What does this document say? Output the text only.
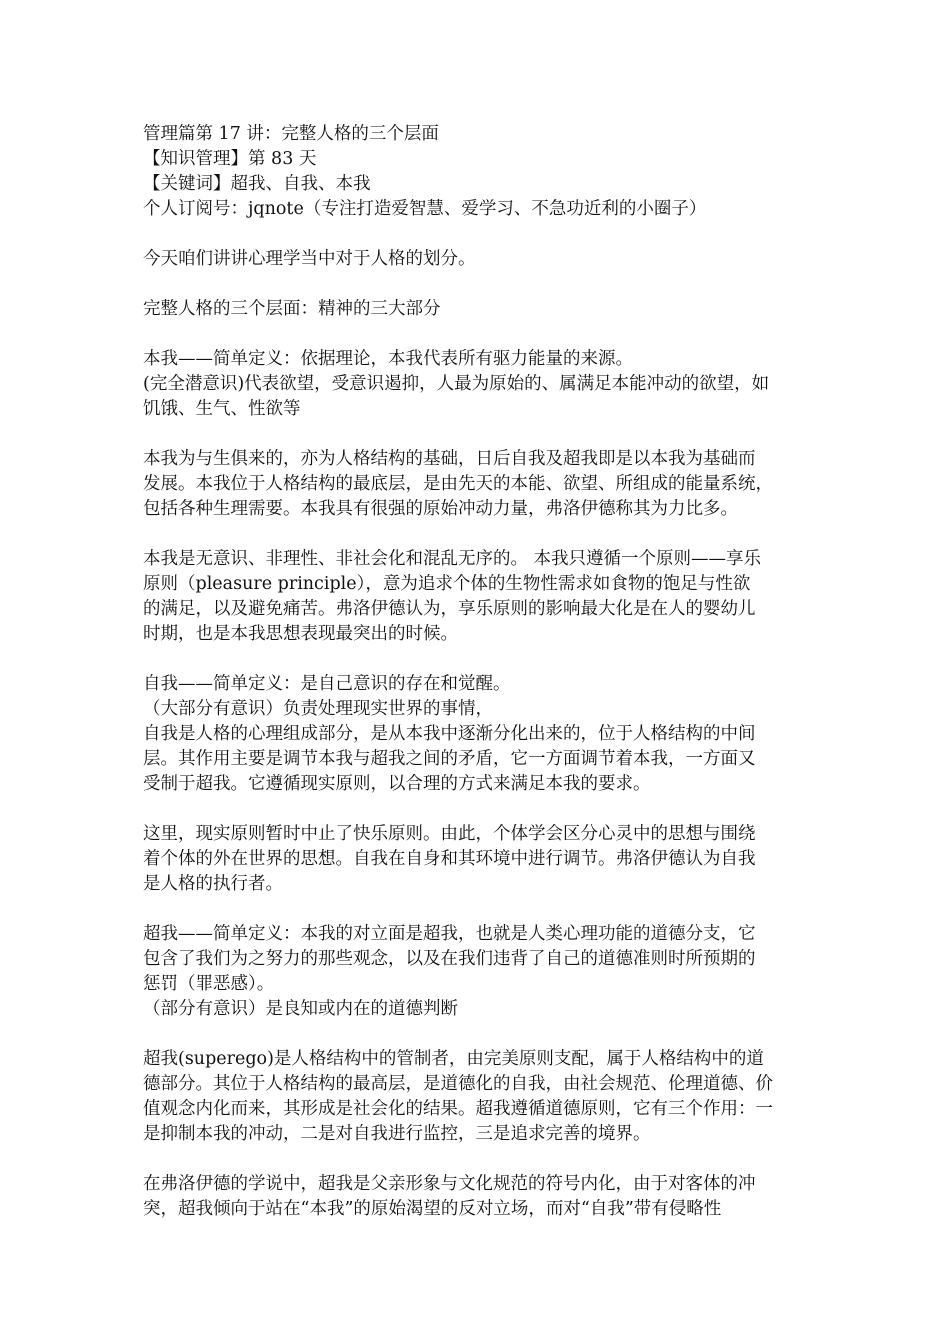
管理篇第 17 讲：完整人格的三个层面
【知识管理】第 83 天
【关键词】超我、自我、本我
个人订阅号：jqnote（专注打造爱智慧、爱学习、不急功近利的小圈子）
今天咱们讲讲心理学当中对于人格的划分。
完整人格的三个层面：精神的三大部分
本我——简单定义：依据理论，本我代表所有驱力能量的来源。
(完全潜意识)代表欲望，受意识遏抑，人最为原始的、属满足本能冲动的欲望，如
饥饿、生气、性欲等
本我为与生俱来的，亦为人格结构的基础，日后自我及超我即是以本我为基础而
发展。本我位于人格结构的最底层，是由先天的本能、欲望、所组成的能量系统，
包括各种生理需要。本我具有很强的原始冲动力量，弗洛伊德称其为力比多。
本我是无意识、非理性、非社会化和混乱无序的。 本我只遵循一个原则——享乐
原则（pleasure principle），意为追求个体的生物性需求如食物的饱足与性欲
的满足，以及避免痛苦。弗洛伊德认为，享乐原则的影响最大化是在人的婴幼儿
时期，也是本我思想表现最突出的时候。
自我——简单定义：是自己意识的存在和觉醒。
（大部分有意识）负责处理现实世界的事情，
自我是人格的心理组成部分，是从本我中逐渐分化出来的，位于人格结构的中间
层。其作用主要是调节本我与超我之间的矛盾，它一方面调节着本我，一方面又
受制于超我。它遵循现实原则，以合理的方式来满足本我的要求。
这里，现实原则暂时中止了快乐原则。由此，个体学会区分心灵中的思想与围绕
着个体的外在世界的思想。自我在自身和其环境中进行调节。弗洛伊德认为自我
是人格的执行者。
超我——简单定义：本我的对立面是超我，也就是人类心理功能的道德分支，它
包含了我们为之努力的那些观念，以及在我们违背了自己的道德准则时所预期的
惩罚（罪恶感）。
（部分有意识）是良知或内在的道德判断
超我(superego)是人格结构中的管制者，由完美原则支配，属于人格结构中的道
德部分。其位于人格结构的最高层，是道德化的自我，由社会规范、伦理道德、价
值观念内化而来，其形成是社会化的结果。超我遵循道德原则，它有三个作用：一
是抑制本我的冲动，二是对自我进行监控，三是追求完善的境界。
在弗洛伊德的学说中，超我是父亲形象与文化规范的符号内化，由于对客体的冲
突，超我倾向于站在“本我”的原始渴望的反对立场，而对“自我”带有侵略性
